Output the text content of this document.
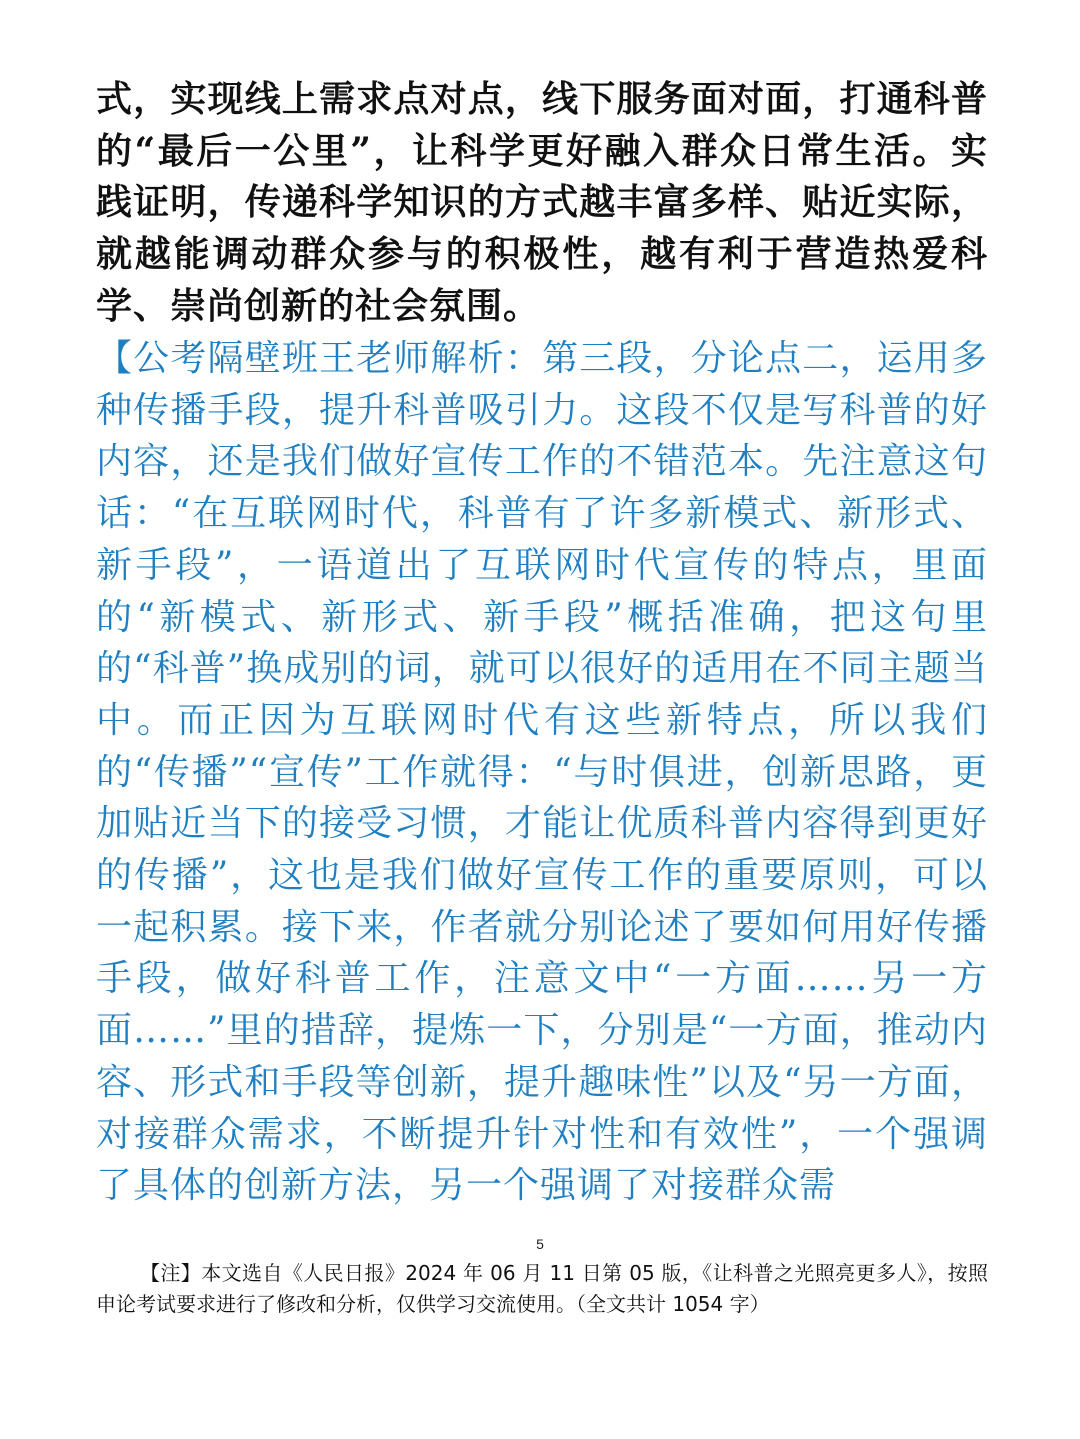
式，实现线上需求点对点，线下服务面对面，打通科普的“最后一公里”，让科学更好融入群众日常生活。实践证明，传递科学知识的方式越丰富多样、贴近实际，就越能调动群众参与的积极性，越有利于营造热爱科学、崇尚创新的社会氛围。

【公考隔壁班王老师解析：第三段，分论点二，运用多种传播手段，提升科普吸引力。这段不仅是写科普的好内容，还是我们做好宣传工作的不错范本。先注意这句话：“在互联网时代，科普有了许多新模式、新形式、新手段”，一语道出了互联网时代宣传的特点，里面的“新模式、新形式、新手段”概括准确，把这句里的“科普”换成别的词，就可以很好的适用在不同主题当中。而正因为互联网时代有这些新特点，所以我们的“传播”“宣传”工作就得：“与时俱进，创新思路，更加贴近当下的接受习惯，才能让优质科普内容得到更好的传播”，这也是我们做好宣传工作的重要原则，可以一起积累。接下来，作者就分别论述了要如何用好传播手段，做好科普工作，注意文中“一方面……另一方面……”里的措辞，提炼一下，分别是“一方面，推动内容、形式和手段等创新，提升趣味性”以及“另一方面，对接群众需求，不断提升针对性和有效性”，一个强调了具体的创新方法，另一个强调了对接群众需

5

【注】本文选自《人民日报》2024 年 06 月 11 日第 05 版，《让科普之光照亮更多人》，按照申论考试要求进行了修改和分析，仅供学习交流使用。（全文共计 1054 字）
